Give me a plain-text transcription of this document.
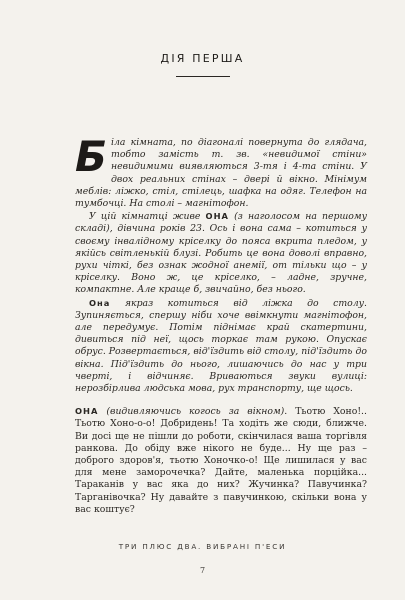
ДІЯ ПЕРША

Біла кімната, по діагоналі повернута до глядача, тобто замість т. зв. «невидимої стіни» невидимими виявляються 3-тя і 4-та стіни. У двох реальних стінах – двері й вікно. Мінімум меблів: ліжко, стіл, стілець, шафка на одяг. Телефон на тумбочці. На столі – магнітофон.

У цій кімнатці живе ОНА (з наголосом на першому складі), дівчина років 23. Ось і вона сама – котиться у своєму інвалідному кріселку до пояса вкрита пледом, у якійсь світленькій блузі. Робить це вона доволі вправно, рухи чіткі, без ознак жодної анемії, от тільки що – у кріселку. Воно ж, це кріселко, – ладне, зручне, компактне. Але краще б, звичайно, без нього.

Она якраз котиться від ліжка до столу. Зупиняється, спершу ніби хоче ввімкнути магнітофон, але передумує. Потім піднімає край скатертини, дивиться під неї, щось торкає там рукою. Опускає обрус. Розвертається, від'їздить від столу, під'їздить до вікна. Під'їздить до нього, лишаючись до нас у три чверті, і відчиняє. Вриваються звуки вулиці: нерозбірлива людська мова, рух транспорту, ще щось.

ОНА (видивляючись когось за вікном). Тьотю Хоно!.. Тьотю Хоно-о-о! Добридень! Та ходіть же сюди, ближче. Ви досі ще не пішли до роботи, скінчилася ваша торгівля ранкова. До обіду вже нікого не буде... Ну ще раз – доброго здоров'я, тьотю Хоночко-о! Ще лишилася у вас для мене заморочечка? Дайте, маленька порційка... Тараканів у вас яка до них? Жучинка? Павучинка? Тарганівочка? Ну давайте з павучинкою, скільки вона у вас коштує?

ТРИ ПЛЮС ДВА. ВИБРАНІ П'ЕСИ
7
